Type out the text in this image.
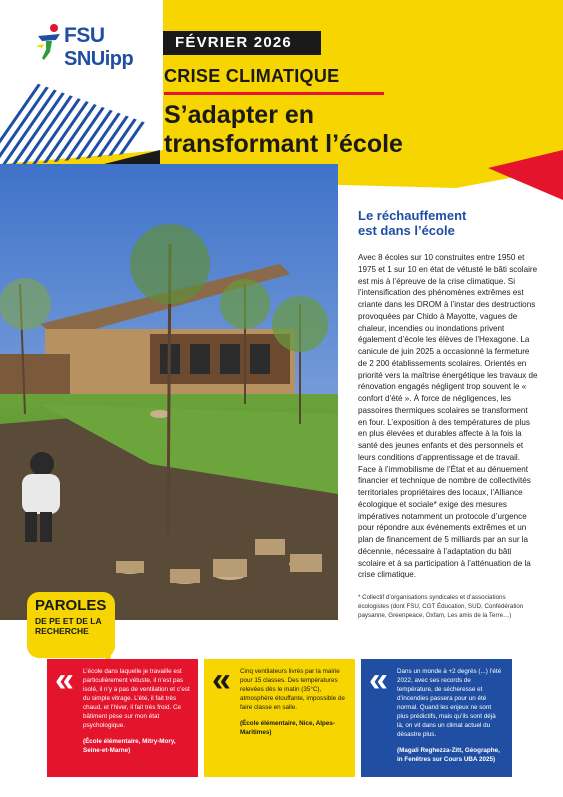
FSU
SNUipp
FÉVRIER 2026
CRISE CLIMATIQUE
S’adapter en
transformant l’école
PAROLES
DE PE ET DE LA RECHERCHE
Le réchauffement
est dans l’école
Avec 8 écoles sur 10 construites entre 1950 et 1975 et 1 sur 10 en état de vétusté le bâti scolaire est mis à l’épreuve de la crise climatique. Si l’intensification des phénomènes extrêmes est criante dans les DROM à l’instar des destructions provoquées par Chido à Mayotte, vagues de chaleur, incendies ou inondations privent également d’école les élèves de l’Hexagone. La canicule de juin 2025 a occasionné la fermeture de 2 200 établissements scolaires. Orientés en priorité vers la maîtrise énergétique les travaux de rénovation engagés négligent trop souvent le « confort d’été ». À force de négligences, les passoires thermiques scolaires se transforment en four. L’exposition à des températures de plus en plus élevées et durables affecte à la fois la santé des jeunes enfants et des personnels et leurs conditions d’apprentissage et de travail. Face à l’immobilisme de l’État et au dénuement financier et technique de nombre de collectivités territoriales propriétaires des locaux, l’Alliance écologique et sociale* exige des mesures impératives notamment un protocole d’urgence pour répondre aux événements extrêmes et un plan de financement de 5 milliards par an sur la décennie, nécessaire à l’adaptation du bâti scolaire et à sa participation à l’atténuation de la crise climatique.
* Collectif d’organisations syndicales et d’associations écologistes (dont FSU, CGT Éducation, SUD, Confédération paysanne, Greenpeace, Oxfam, Les amis de la Terre…)
« L’école dans laquelle je travaille est particulièrement vétuste, il n’est pas isolé, il n’y a pas de ventilation et c’est du simple vitrage. L’été, il fait très chaud, et l’hiver, il fait très froid. Ce bâtiment pèse sur mon état psychologique.
(École élémentaire, Mitry-Mory, Seine-et-Marne)
« Cinq ventilateurs livrés par la mairie pour 15 classes. Des températures relevées dès le matin (35°C), atmosphère étouffante, impossible de faire classe en salle.
(École élémentaire, Nice, Alpes-Maritimes)
« Dans un monde à +2 degrés (...) l’été 2022, avec ses records de température, de sécheresse et d’incendies passera pour un été normal. Quand les enjeux ne sont plus prédictifs, mais qu’ils sont déjà là, on vit dans un climat actuel du désastre plus.
(Magali Reghezza-Zitt, Géographe, in Fenêtres sur Cours UBA 2025)
